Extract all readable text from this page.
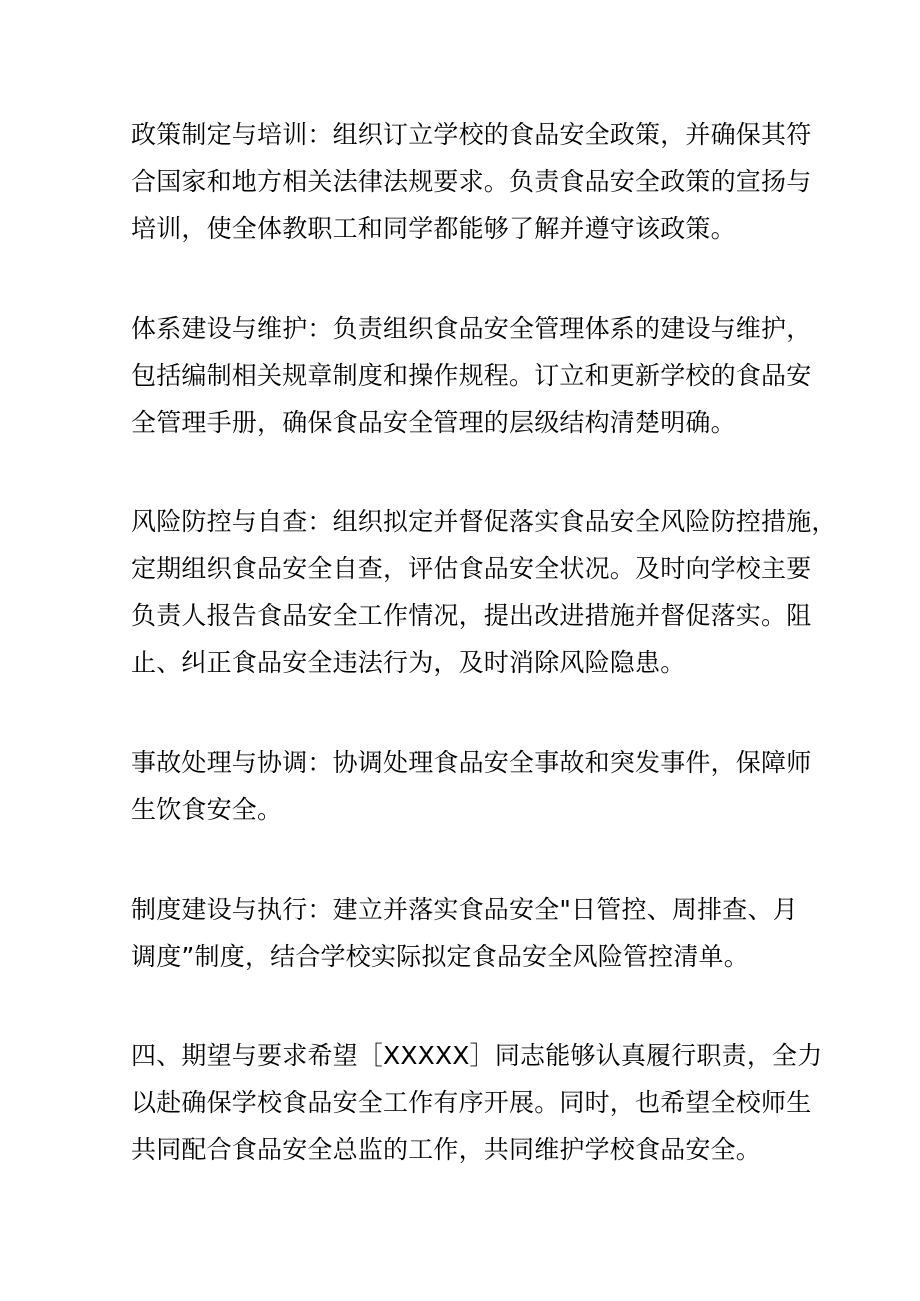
政策制定与培训：组织订立学校的食品安全政策，并确保其符
合国家和地方相关法律法规要求。负责食品安全政策的宣扬与
培训，使全体教职工和同学都能够了解并遵守该政策。
体系建设与维护：负责组织食品安全管理体系的建设与维护，
包括编制相关规章制度和操作规程。订立和更新学校的食品安
全管理手册，确保食品安全管理的层级结构清楚明确。
风险防控与自查：组织拟定并督促落实食品安全风险防控措施，
定期组织食品安全自查，评估食品安全状况。及时向学校主要
负责人报告食品安全工作情况，提出改进措施并督促落实。阻
止、纠正食品安全违法行为，及时消除风险隐患。
事故处理与协调：协调处理食品安全事故和突发事件，保障师
生饮食安全。
制度建设与执行：建立并落实食品安全"日管控、周排查、月
调度”制度，结合学校实际拟定食品安全风险管控清单。
四、期望与要求希望［XXXXX］同志能够认真履行职责，全力
以赴确保学校食品安全工作有序开展。同时，也希望全校师生
共同配合食品安全总监的工作，共同维护学校食品安全。
